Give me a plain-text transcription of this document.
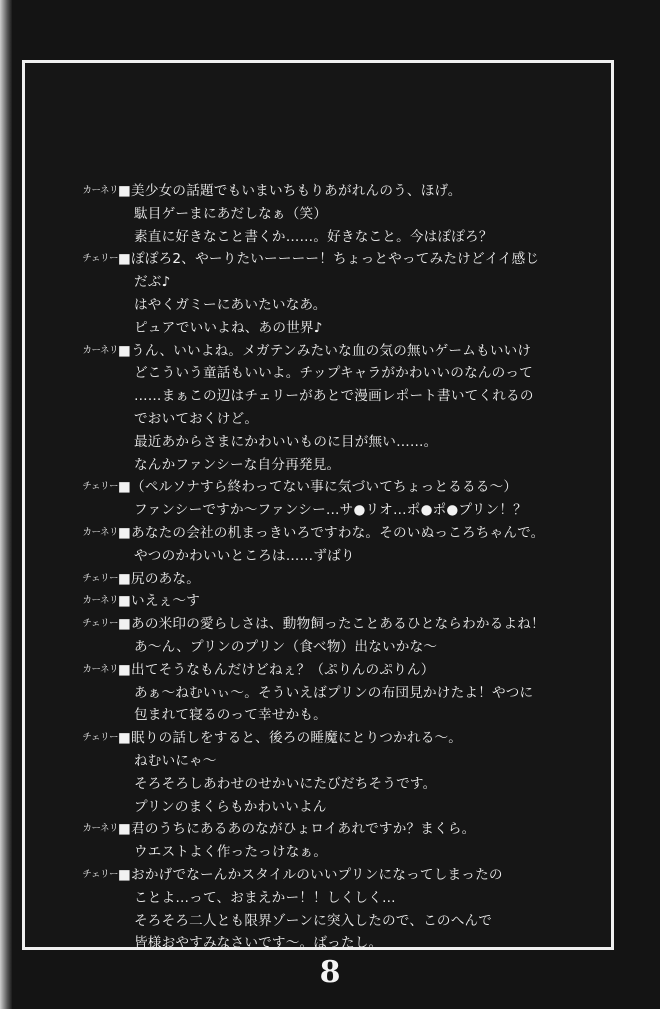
カーネリ■美少女の話題でもいまいちもりあがれんのう、ほげ。
駄目ゲーまにあだしなぁ（笑）
素直に好きなこと書くか……。好きなこと。今はぽぽろ？
チェリー■ぽぽろ2、やーりたいーーーー！ちょっとやってみたけどイイ感じ
だぶ♪
はやくガミーにあいたいなあ。
ピュアでいいよね、あの世界♪
カーネリ■うん、いいよね。メガテンみたいな血の気の無いゲームもいいけ
どこういう童話もいいよ。チップキャラがかわいいのなんのって
……まぁこの辺はチェリーがあとで漫画レポート書いてくれるの
でおいておくけど。
最近あからさまにかわいいものに目が無い……。
なんかファンシーな自分再発見。
チェリー■（ペルソナすら終わってない事に気づいてちょっとるるる～）
ファンシーですか～ファンシー…サ●リオ…ポ●ポ●プリン！？
カーネリ■あなたの会社の机まっきいろですわな。そのいぬっころちゃんで。
やつのかわいいところは……ずばり
チェリー■尻のあな。
カーネリ■いえぇ～す
チェリー■あの米印の愛らしさは、動物飼ったことあるひとならわかるよね！
あ～ん、プリンのプリン（食べ物）出ないかな～
カーネリ■出てそうなもんだけどねぇ？（ぷりんのぷりん）
あぁ～ねむいぃ～。そういえばプリンの布団見かけたよ！やつに
包まれて寝るのって幸せかも。
チェリー■眠りの話しをすると、後ろの睡魔にとりつかれる～。
ねむいにゃ～
そろそろしあわせのせかいにたびだちそうです。
プリンのまくらもかわいいよん
カーネリ■君のうちにあるあのながひょロイあれですか？まくら。
ウエストよく作ったっけなぁ。
チェリー■おかげでなーんかスタイルのいいプリンになってしまったの
ことよ…って、おまえかー！！しくしく…
そろそろ二人とも限界ゾーンに突入したので、このへんで
皆様おやすみなさいです～。ばったし。
8
